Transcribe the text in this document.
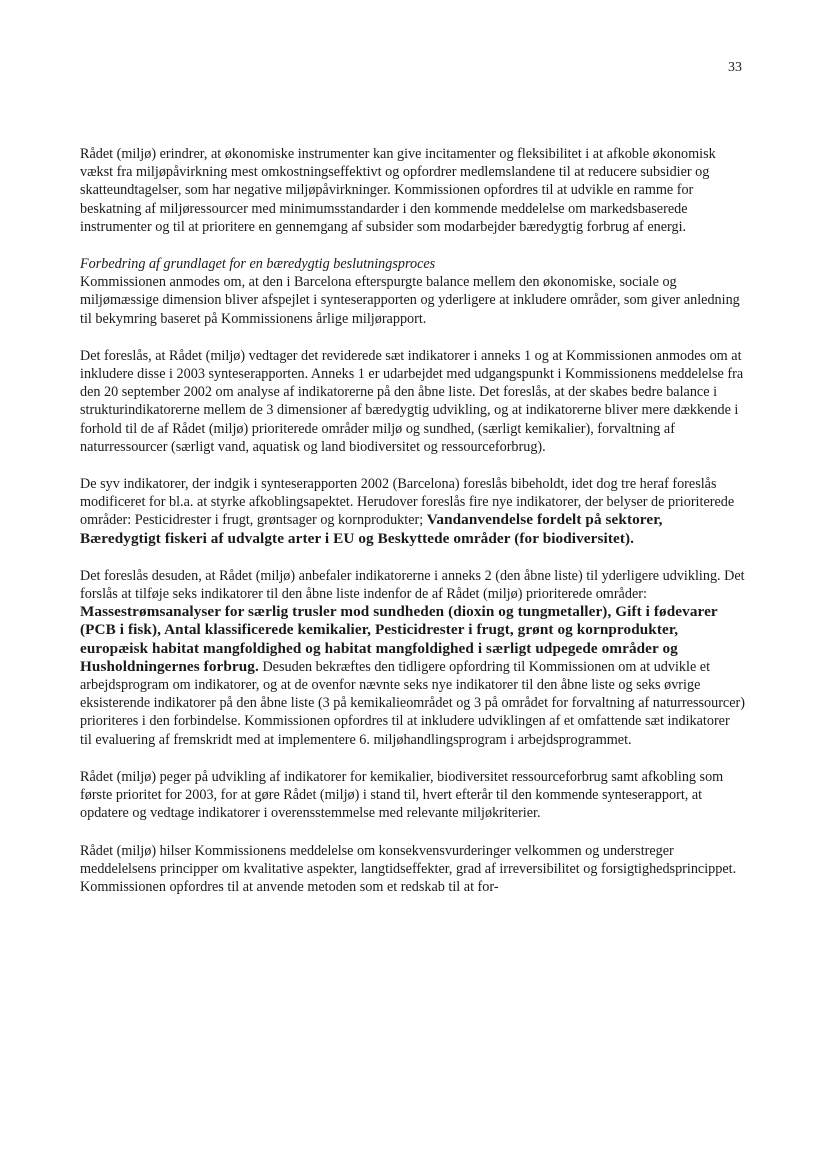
33

Rådet (miljø) erindrer, at økonomiske instrumenter kan give incitamenter og fleksibilitet i at afkoble økonomisk vækst fra miljøpåvirkning mest omkostningseffektivt og opfordrer medlemslandene til at reducere subsidier og skatteundtagelser, som har negative miljøpåvirkninger. Kommissionen opfordres til at udvikle en ramme for beskatning af miljøressourcer med minimumsstandarder i den kommende meddelelse om markedsbaserede instrumenter og til at prioritere en gennemgang af subsider som modarbejder bæredygtig forbrug af energi.

Forbedring af grundlaget for en bæredygtig beslutningsproces

Kommissionen anmodes om, at den i Barcelona efterspurgte balance mellem den økonomiske, sociale og miljømæssige dimension bliver afspejlet i synteserapporten og yderligere at inkludere områder, som giver anledning til bekymring baseret på Kommissionens årlige miljørapport.

Det foreslås, at Rådet (miljø) vedtager det reviderede sæt indikatorer i anneks 1 og at Kommissionen anmodes om at inkludere disse i 2003 synteserapporten. Anneks 1 er udarbejdet med udgangspunkt i Kommissionens meddelelse fra den 20 september 2002 om analyse af indikatorerne på den åbne liste. Det foreslås, at der skabes bedre balance i strukturindikatorerne mellem de 3 dimensioner af bæredygtig udvikling, og at indikatorerne bliver mere dækkende i forhold til de af Rådet (miljø) prioriterede områder miljø og sundhed, (særligt kemikalier), forvaltning af naturressourcer (særligt vand, aquatisk og land biodiversitet og ressourceforbrug).

De syv indikatorer, der indgik i synteserapporten 2002 (Barcelona) foreslås bibeholdt, idet dog tre heraf foreslås modificeret for bl.a. at styrke afkoblingsapektet. Herudover foreslås fire nye indikatorer, der belyser de prioriterede områder: Pesticidrester i frugt, grøntsager og kornprodukter; Vandanvendelse fordelt på sektorer, Bæredygtigt fiskeri af udvalgte arter i EU og Beskyttede områder (for biodiversitet).

Det foreslås desuden, at Rådet (miljø) anbefaler indikatorerne i anneks 2 (den åbne liste) til yderligere udvikling. Det forslås at tilføje seks indikatorer til den åbne liste indenfor de af Rådet (miljø) prioriterede områder: Massestrømsanalyser for særlig trusler mod sundheden (dioxin og tungmetaller), Gift i fødevarer (PCB i fisk), Antal klassificerede kemikalier, Pesticidrester i frugt, grønt og kornprodukter, europæisk habitat mangfoldighed og habitat mangfoldighed i særligt udpegede områder og Husholdningernes forbrug. Desuden bekræftes den tidligere opfordring til Kommissionen om at udvikle et arbejdsprogram om indikatorer, og at de ovenfor nævnte seks nye indikatorer til den åbne liste og seks øvrige eksisterende indikatorer på den åbne liste (3 på kemikalieområdet og 3 på området for forvaltning af naturressourcer) prioriteres i den forbindelse. Kommissionen opfordres til at inkludere udviklingen af et omfattende sæt indikatorer til evaluering af fremskridt med at implementere 6. miljøhandlingsprogram i arbejdsprogrammet.

Rådet (miljø) peger på udvikling af indikatorer for kemikalier, biodiversitet ressourceforbrug samt afkobling som første prioritet for 2003, for at gøre Rådet (miljø) i stand til, hvert efterår til den kommende synteserapport, at opdatere og vedtage indikatorer i overensstemmelse med relevante miljøkriterier.

Rådet (miljø) hilser Kommissionens meddelelse om konsekvensvurderinger velkommen og understreger meddelelsens principper om kvalitative aspekter, langtidseffekter, grad af irreversibilitet og forsigtighedsprincippet. Kommissionen opfordres til at anvende metoden som et redskab til at for-
